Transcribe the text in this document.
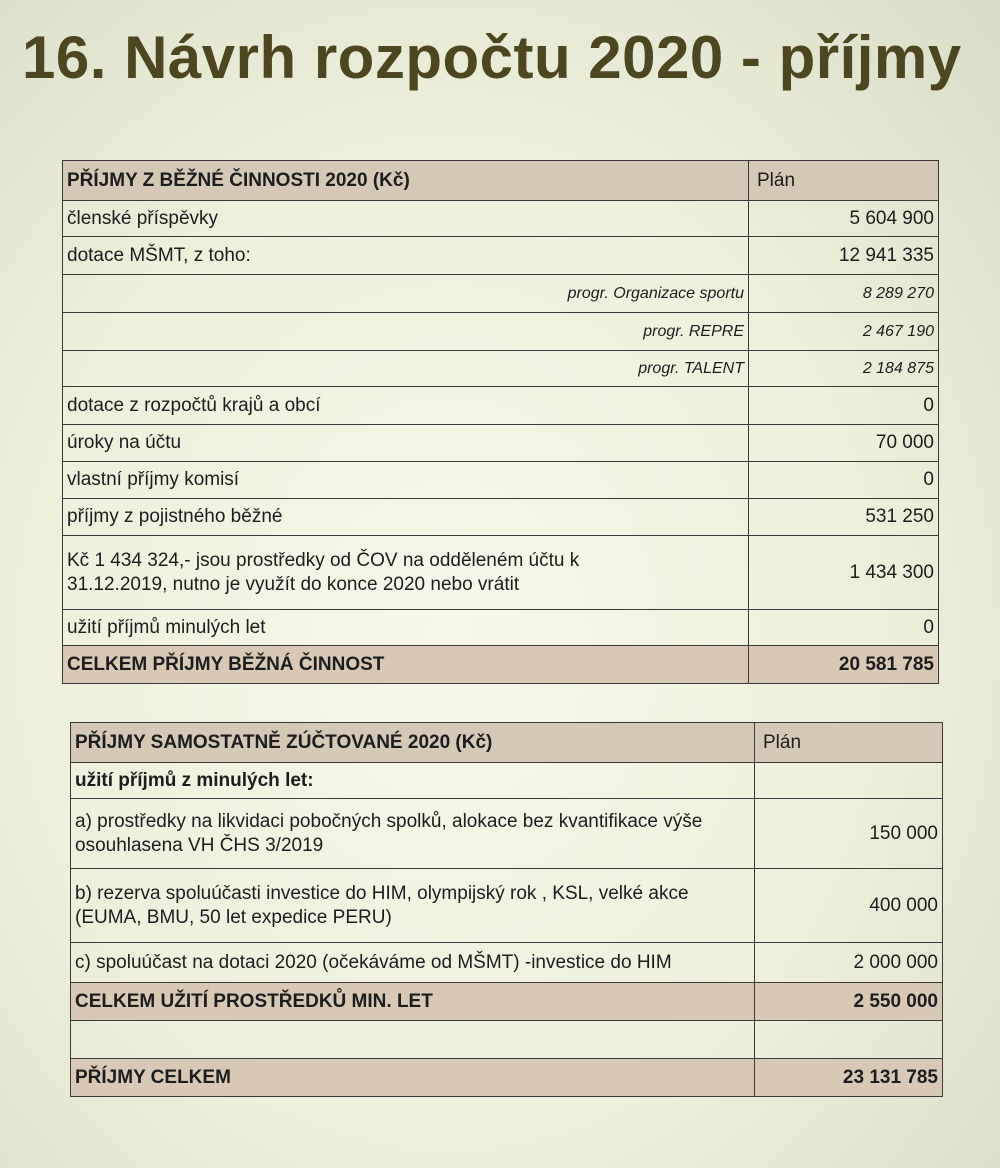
16. Návrh rozpočtu 2020 - příjmy
PŘÍJMY Z BĚŽNÉ ČINNOSTI 2020 (Kč)	Plán
členské příspěvky	5 604 900
dotace MŠMT, z toho:	12 941 335
progr. Organizace sportu	8 289 270
progr. REPRE	2 467 190
progr. TALENT	2 184 875
dotace z rozpočtů krajů a obcí	0
úroky na účtu	70 000
vlastní příjmy komisí	0
příjmy z pojistného běžné	531 250
Kč 1 434 324,- jsou prostředky od ČOV na odděleném účtu k 31.12.2019, nutno je využít do konce 2020 nebo vrátit	1 434 300
užití příjmů minulých let	0
CELKEM PŘÍJMY BĚŽNÁ ČINNOST	20 581 785
PŘÍJMY SAMOSTATNĚ ZÚČTOVANÉ 2020 (Kč)	Plán
užití příjmů z minulých let:	
a) prostředky na likvidaci pobočných spolků, alokace bez kvantifikace výše osouhlasena VH ČHS 3/2019	150 000
b) rezerva spoluúčasti investice do HIM, olympijský rok , KSL, velké akce (EUMA, BMU, 50 let expedice PERU)	400 000
c) spoluúčast na dotaci 2020 (očekáváme od MŠMT) -investice do HIM	2 000 000
CELKEM UŽITÍ PROSTŘEDKŮ MIN. LET	2 550 000

PŘÍJMY CELKEM	23 131 785
